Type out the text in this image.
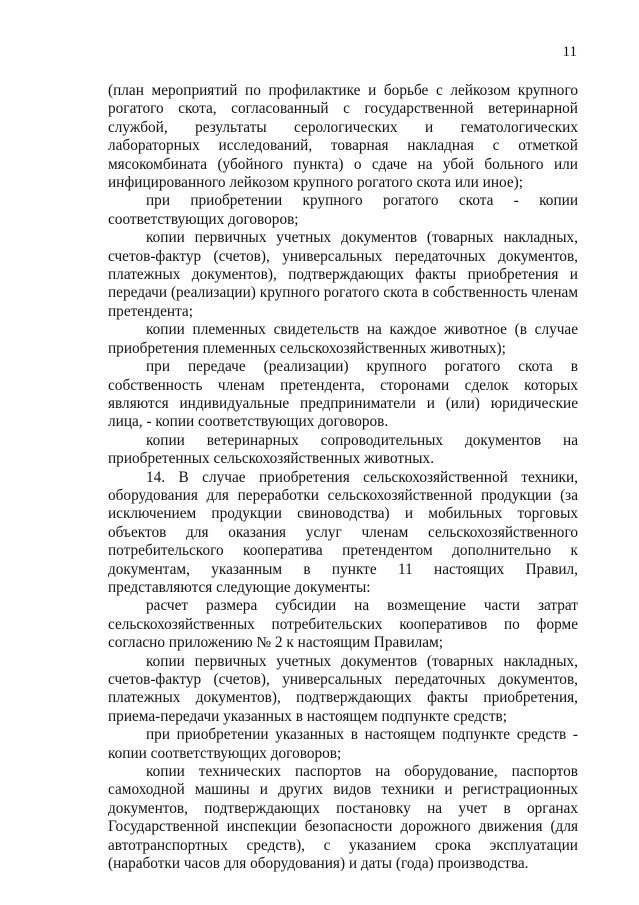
11

(план мероприятий по профилактике и борьбе с лейкозом крупного рогатого скота, согласованный с государственной ветеринарной службой, результаты серологических и гематологических лабораторных исследований, товарная накладная с отметкой мясокомбината (убойного пункта) о сдаче на убой больного или инфицированного лейкозом крупного рогатого скота или иное);

при приобретении крупного рогатого скота - копии соответствующих договоров;

копии первичных учетных документов (товарных накладных, счетов-фактур (счетов), универсальных передаточных документов, платежных документов), подтверждающих факты приобретения и передачи (реализации) крупного рогатого скота в собственность членам претендента;

копии племенных свидетельств на каждое животное (в случае приобретения племенных сельскохозяйственных животных);

при передаче (реализации) крупного рогатого скота в собственность членам претендента, сторонами сделок которых являются индивидуальные предприниматели и (или) юридические лица, - копии соответствующих договоров.

копии ветеринарных сопроводительных документов на приобретенных сельскохозяйственных животных.

14. В случае приобретения сельскохозяйственной техники, оборудования для переработки сельскохозяйственной продукции (за исключением продукции свиноводства) и мобильных торговых объектов для оказания услуг членам сельскохозяйственного потребительского кооператива претендентом дополнительно к документам, указанным в пункте 11 настоящих Правил, представляются следующие документы:

расчет размера субсидии на возмещение части затрат сельскохозяйственных потребительских кооперативов по форме согласно приложению № 2 к настоящим Правилам;

копии первичных учетных документов (товарных накладных, счетов-фактур (счетов), универсальных передаточных документов, платежных документов), подтверждающих факты приобретения, приема-передачи указанных в настоящем подпункте средств;

при приобретении указанных в настоящем подпункте средств - копии соответствующих договоров;

копии технических паспортов на оборудование, паспортов самоходной машины и других видов техники и регистрационных документов, подтверждающих постановку на учет в органах Государственной инспекции безопасности дорожного движения (для автотранспортных средств), с указанием срока эксплуатации (наработки часов для оборудования) и даты (года) производства.
